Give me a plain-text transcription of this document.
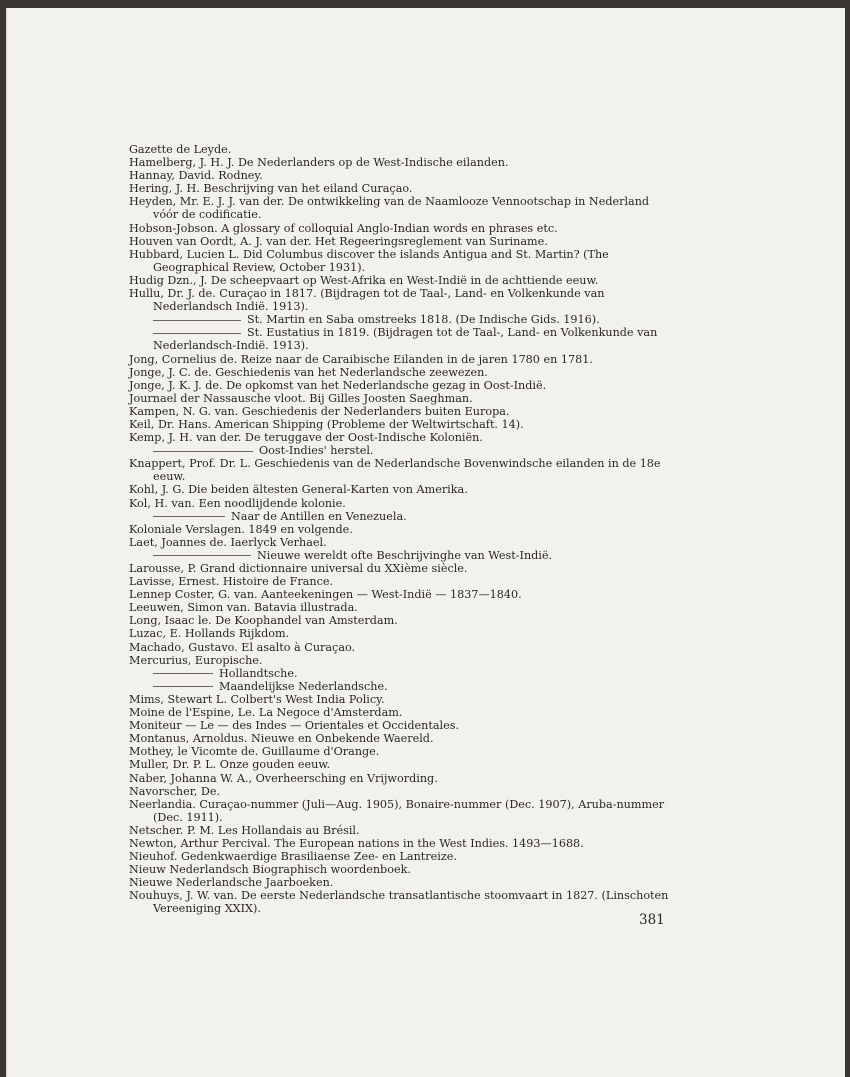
Gazette de Leyde.
Hamelberg, J. H. J. De Nederlanders op de West-Indische eilanden.
Hannay, David. Rodney.
Hering, J. H. Beschrijving van het eiland Curaçao.
Heyden, Mr. E. J. J. van der. De ontwikkeling van de Naamlooze Vennootschap in Nederland vóór de codificatie.
Hobson-Jobson. A glossary of colloquial Anglo-Indian words en phrases etc.
Houven van Oordt, A. J. van der. Het Regeeringsreglement van Suriname.
Hubbard, Lucien L. Did Columbus discover the islands Antigua and St. Martin? (The Geographical Review, October 1931).
Hudig Dzn., J. De scheepvaart op West-Afrika en West-Indië in de achttiende eeuw.
Hullu, Dr. J. de. Curaçao in 1817. (Bijdragen tot de Taal-, Land- en Volkenkunde van Nederlandsch Indië. 1913).
St. Martin en Saba omstreeks 1818. (De Indische Gids. 1916).
St. Eustatius in 1819. (Bijdragen tot de Taal-, Land- en Volkenkunde van Nederlandsch-Indië. 1913).
Jong, Cornelius de. Reize naar de Caraibische Eilanden in de jaren 1780 en 1781.
Jonge, J. C. de. Geschiedenis van het Nederlandsche zeewezen.
Jonge, J. K. J. de. De opkomst van het Nederlandsche gezag in Oost-Indië.
Journael der Nassausche vloot. Bij Gilles Joosten Saeghman.
Kampen, N. G. van. Geschiedenis der Nederlanders buiten Europa.
Keil, Dr. Hans. American Shipping (Probleme der Weltwirtschaft. 14).
Kemp, J. H. van der. De teruggave der Oost-Indische Koloniën.
Oost-Indies' herstel.
Knappert, Prof. Dr. L. Geschiedenis van de Nederlandsche Bovenwindsche eilanden in de 18e eeuw.
Kohl, J. G. Die beiden ältesten General-Karten von Amerika.
Kol, H. van. Een noodlijdende kolonie.
Naar de Antillen en Venezuela.
Koloniale Verslagen. 1849 en volgende.
Laet, Joannes de. Iaerlyck Verhael.
Nieuwe wereldt ofte Beschrijvinghe van West-Indië.
Larousse, P. Grand dictionnaire universal du XXième siècle.
Lavisse, Ernest. Histoire de France.
Lennep Coster, G. van. Aanteekeningen — West-Indië — 1837—1840.
Leeuwen, Simon van. Batavia illustrada.
Long, Isaac le. De Koophandel van Amsterdam.
Luzac, E. Hollands Rijkdom.
Machado, Gustavo. El asalto à Curaçao.
Mercurius, Europische.
Hollandtsche.
Maandelijkse Nederlandsche.
Mims, Stewart L. Colbert's West India Policy.
Moine de l'Espine, Le. La Negoce d'Amsterdam.
Moniteur — Le — des Indes — Orientales et Occidentales.
Montanus, Arnoldus. Nieuwe en Onbekende Waereld.
Mothey, le Vicomte de. Guillaume d'Orange.
Muller, Dr. P. L. Onze gouden eeuw.
Naber, Johanna W. A., Overheersching en Vrijwording.
Navorscher, De.
Neerlandia. Curaçao-nummer (Juli—Aug. 1905), Bonaire-nummer (Dec. 1907), Aruba-nummer (Dec. 1911).
Netscher. P. M. Les Hollandais au Brésil.
Newton, Arthur Percival. The European nations in the West Indies. 1493—1688.
Nieuhof. Gedenkwaerdige Brasiliaense Zee- en Lantreize.
Nieuw Nederlandsch Biographisch woordenboek.
Nieuwe Nederlandsche Jaarboeken.
Nouhuys, J. W. van. De eerste Nederlandsche transatlantische stoomvaart in 1827. (Linschoten Vereeniging XXIX).
381
